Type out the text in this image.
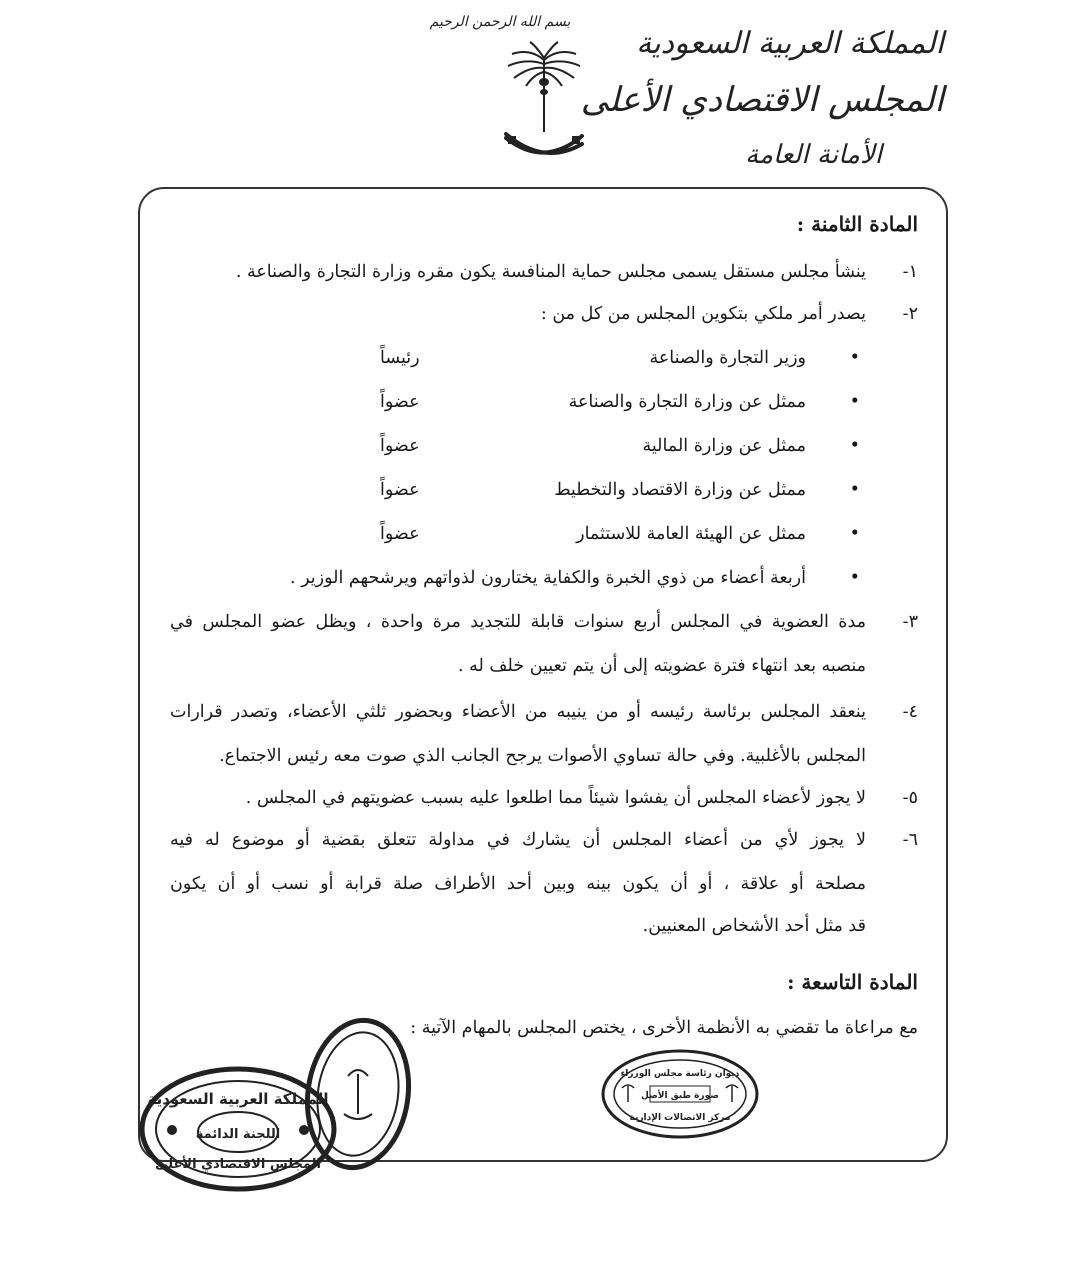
بسم الله الرحمن الرحيم
المملكة العربية السعودية
المجلس الاقتصادي الأعلى
الأمانة العامة
المادة الثامنة :
١-
ينشأ مجلس مستقل يسمى مجلس حماية المنافسة يكون مقره وزارة التجارة والصناعة .
٢-
يصدر أمر ملكي بتكوين المجلس من كل من :
•
وزير التجارة والصناعة
رئيساً
•
ممثل عن وزارة التجارة والصناعة
عضواً
•
ممثل عن وزارة المالية
عضواً
•
ممثل عن وزارة الاقتصاد والتخطيط
عضواً
•
ممثل عن الهيئة العامة للاستثمار
عضواً
•
أربعة أعضاء من ذوي الخبرة والكفاية يختارون لذواتهم ويرشحهم الوزير .
٣-
مدة العضوية في المجلس أربع سنوات قابلة للتجديد مرة واحدة ، ويظل عضو المجلس في
منصبه بعد انتهاء فترة عضويته إلى أن يتم تعيين خلف له .
٤-
ينعقد المجلس برئاسة رئيسه أو من ينيبه من الأعضاء وبحضور ثلثي الأعضاء، وتصدر قرارات
المجلس بالأغلبية. وفي حالة تساوي الأصوات يرجح الجانب الذي صوت معه رئيس الاجتماع.
٥-
لا يجوز لأعضاء المجلس أن يفشوا شيئاً مما اطلعوا عليه بسبب عضويتهم في المجلس .
٦-
لا يجوز لأي من أعضاء المجلس أن يشارك في مداولة تتعلق بقضية أو موضوع له فيه
مصلحة أو علاقة ، أو أن يكون بينه وبين أحد الأطراف صلة قرابة أو نسب أو أن يكون
قد مثل أحد الأشخاص المعنيين.
المادة التاسعة :
مع مراعاة ما تقضي به الأنظمة الأخرى ، يختص المجلس بالمهام الآتية :
المملكة العربية السعودية
اللجنة الدائمة
المجلس الاقتصادي الأعلى
ديوان رئاسة مجلس الوزراء
صورة طبق الأصل
مركز الاتصالات الإدارية
